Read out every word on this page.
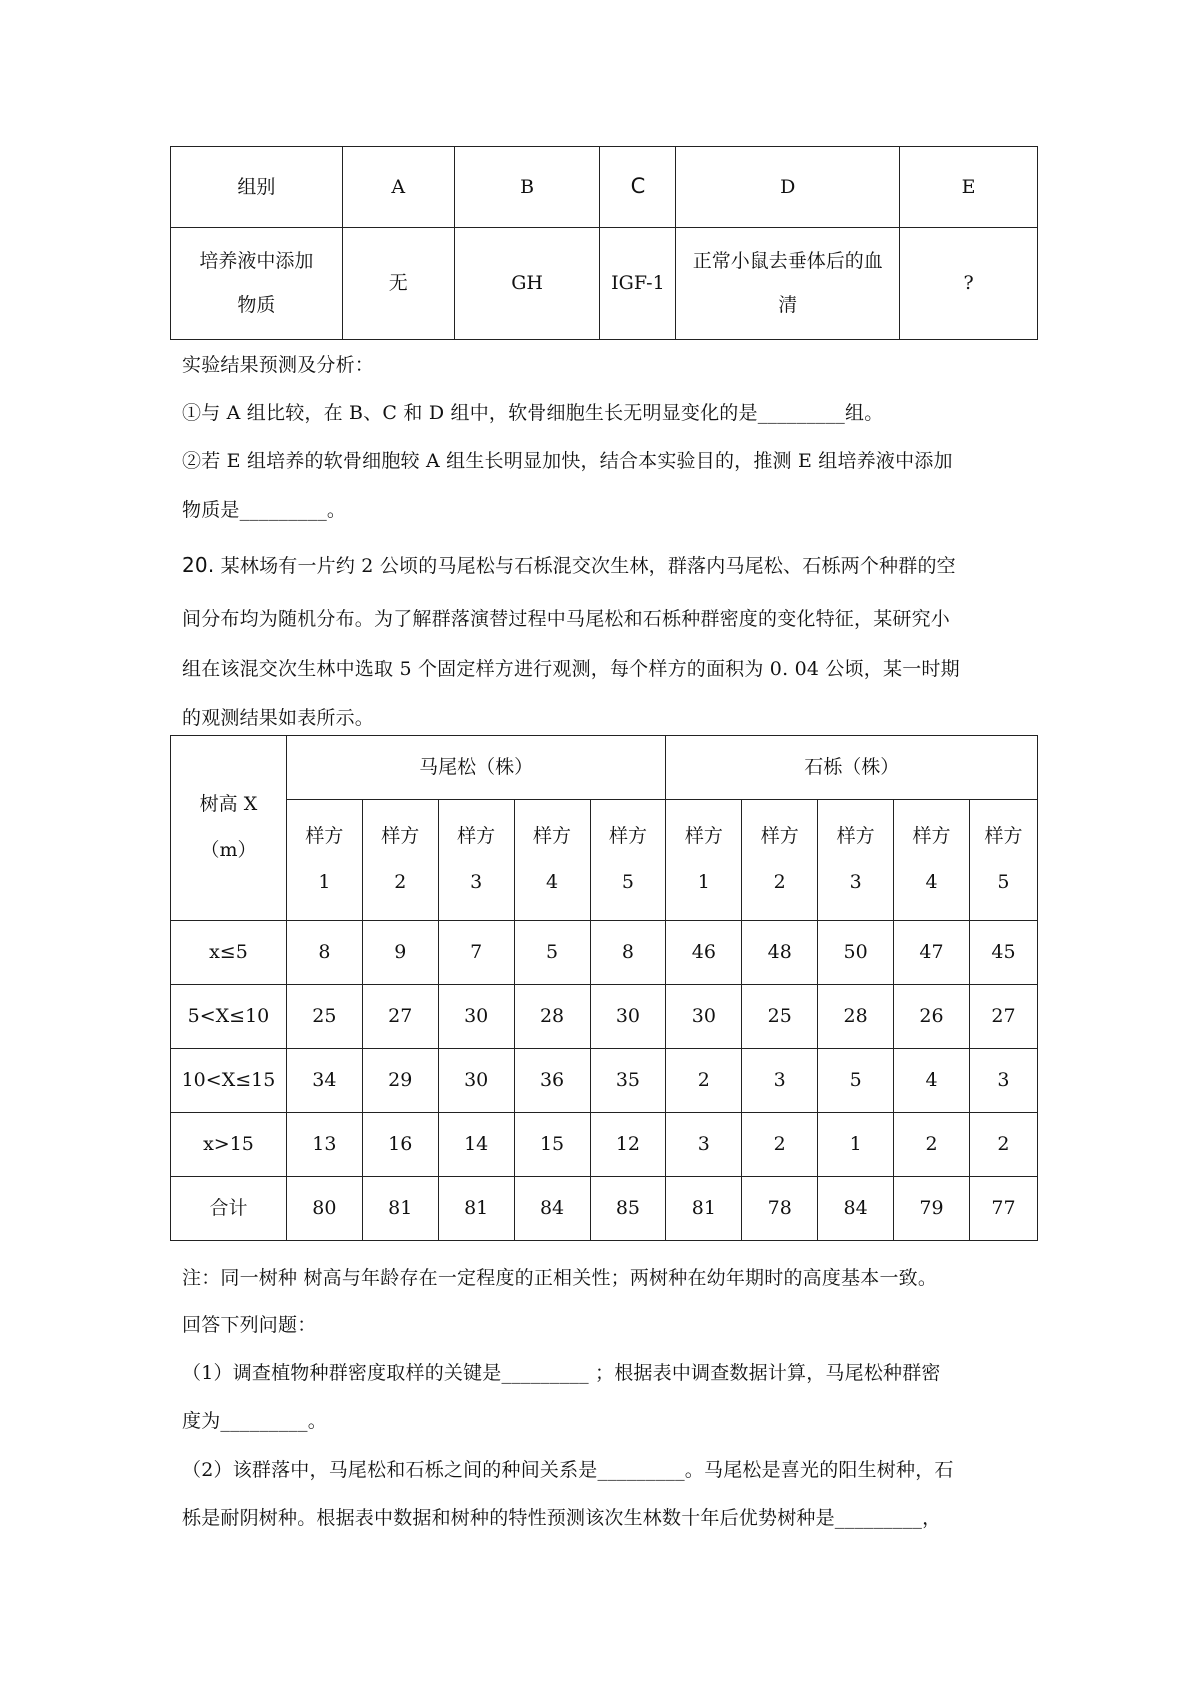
组别	A	B	C	D	E
培养液中添加物质	无	GH	IGF-1	正常小鼠去垂体后的血清	?
实验结果预测及分析：
①与 A 组比较，在 B、C 和 D 组中，软骨细胞生长无明显变化的是_________组。
②若 E 组培养的软骨细胞较 A 组生长明显加快，结合本实验目的，推测 E 组培养液中添加
物质是_________。
20. 某林场有一片约 2 公顷的马尾松与石栎混交次生林，群落内马尾松、石栎两个种群的空
间分布均为随机分布。为了解群落演替过程中马尾松和石栎种群密度的变化特征，某研究小
组在该混交次生林中选取 5 个固定样方进行观测，每个样方的面积为 0. 04 公顷，某一时期
的观测结果如表所示。
树高 X（m）	马尾松（株）					石栎（株）				
	样方1	样方2	样方3	样方4	样方5	样方1	样方2	样方3	样方4	样方5
x≤5	8	9	7	5	8	46	48	50	47	45
5<X≤10	25	27	30	28	30	30	25	28	26	27
10<X≤15	34	29	30	36	35	2	3	5	4	3
x>15	13	16	14	15	12	3	2	1	2	2
合计	80	81	81	84	85	81	78	84	79	77
注：同一树种 树高与年龄存在一定程度的正相关性；两树种在幼年期时的高度基本一致。
回答下列问题：
（1）调查植物种群密度取样的关键是_________ ；根据表中调查数据计算，马尾松种群密
度为_________。
（2）该群落中，马尾松和石栎之间的种间关系是_________。马尾松是喜光的阳生树种，石
栎是耐阴树种。根据表中数据和树种的特性预测该次生林数十年后优势树种是_________，
